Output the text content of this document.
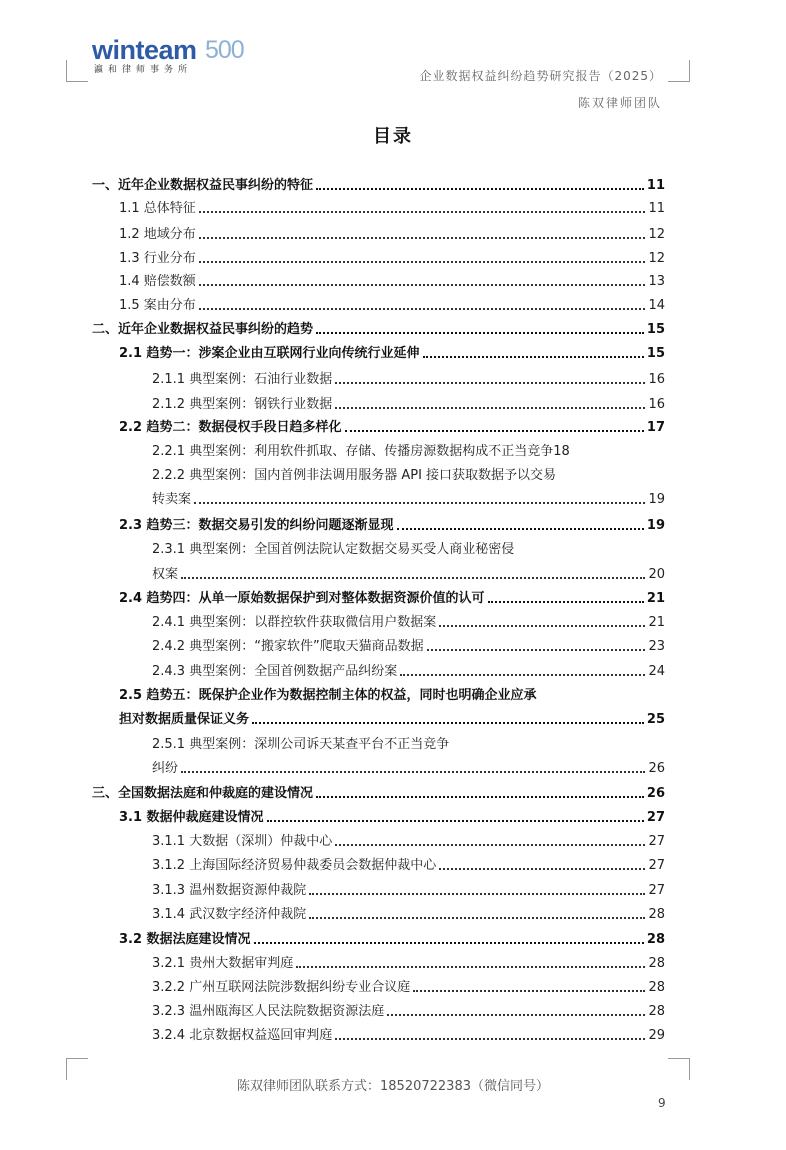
winteam 500
瀛和律师事务所	企业数据权益纠纷趋势研究报告（2025）
陈双律师团队
目录
一、近年企业数据权益民事纠纷的特征	11
1.1 总体特征	11
1.2 地域分布	12
1.3 行业分布	12
1.4 赔偿数额	13
1.5 案由分布	14
二、近年企业数据权益民事纠纷的趋势	15
2.1 趋势一：涉案企业由互联网行业向传统行业延伸	15
2.1.1 典型案例：石油行业数据	16
2.1.2 典型案例：钢铁行业数据	16
2.2 趋势二：数据侵权手段日趋多样化	17
2.2.1 典型案例：利用软件抓取、存储、传播房源数据构成不正当竞争 18
2.2.2 典型案例：国内首例非法调用服务器 API 接口获取数据予以交易
转卖案	19
2.3 趋势三：数据交易引发的纠纷问题逐渐显现	19
2.3.1 典型案例：全国首例法院认定数据交易买受人商业秘密侵
权案	20
2.4 趋势四：从单一原始数据保护到对整体数据资源价值的认可	21
2.4.1 典型案例：以群控软件获取微信用户数据案	21
2.4.2 典型案例：“搬家软件”爬取天猫商品数据	23
2.4.3 典型案例：全国首例数据产品纠纷案	24
2.5 趋势五：既保护企业作为数据控制主体的权益，同时也明确企业应承
担对数据质量保证义务	25
2.5.1 典型案例：深圳公司诉天某查平台不正当竞争
纠纷	26
三、全国数据法庭和仲裁庭的建设情况	26
3.1 数据仲裁庭建设情况	27
3.1.1 大数据（深圳）仲裁中心	27
3.1.2 上海国际经济贸易仲裁委员会数据仲裁中心	27
3.1.3 温州数据资源仲裁院	27
3.1.4 武汉数字经济仲裁院	28
3.2 数据法庭建设情况	28
3.2.1 贵州大数据审判庭	28
3.2.2 广州互联网法院涉数据纠纷专业合议庭	28
3.2.3 温州瓯海区人民法院数据资源法庭	28
3.2.4 北京数据权益巡回审判庭	29
陈双律师团队联系方式：18520722383（微信同号）
9
